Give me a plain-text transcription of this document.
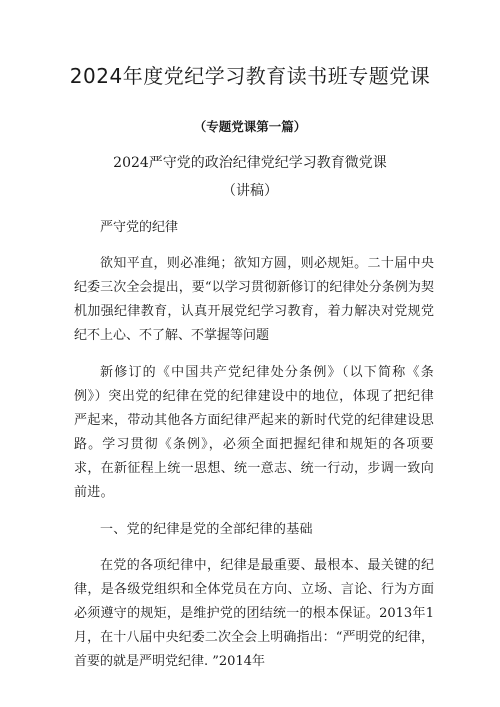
2024年度党纪学习教育读书班专题党课
（专题党课第一篇）
2024严守党的政治纪律党纪学习教育微党课
（讲稿）

严守党的纪律

欲知平直，则必准绳；欲知方圆，则必规矩。二十届中央纪委三次全会提出，要“以学习贯彻新修订的纪律处分条例为契机加强纪律教育，认真开展党纪学习教育，着力解决对党规党纪不上心、不了解、不掌握等问题

新修订的《中国共产党纪律处分条例》（以下简称《条例》）突出党的纪律在党的纪律建设中的地位，体现了把纪律严起来，带动其他各方面纪律严起来的新时代党的纪律建设思路。学习贯彻《条例》，必须全面把握纪律和规矩的各项要求，在新征程上统一思想、统一意志、统一行动，步调一致向前进。

一、党的纪律是党的全部纪律的基础

在党的各项纪律中，纪律是最重要、最根本、最关键的纪律，是各级党组织和全体党员在方向、立场、言论、行为方面必须遵守的规矩，是维护党的团结统一的根本保证。2013年1月，在十八届中央纪委二次全会上明确指出：“严明党的纪律，首要的就是严明党纪律. ”2014年
